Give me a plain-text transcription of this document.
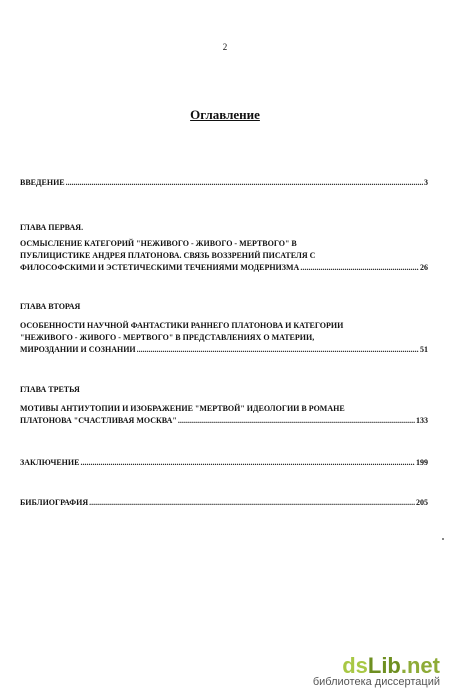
2
Оглавление
ВВЕДЕНИЕ .....	3
ГЛАВА ПЕРВАЯ.
ОСМЫСЛЕНИЕ КАТЕГОРИЙ "НЕЖИВОГО - ЖИВОГО - МЕРТВОГО" В
ПУБЛИЦИСТИКЕ АНДРЕЯ ПЛАТОНОВА. СВЯЗЬ ВОЗЗРЕНИЙ ПИСАТЕЛЯ С
ФИЛОСОФСКИМИ И ЭСТЕТИЧЕСКИМИ ТЕЧЕНИЯМИ МОДЕРНИЗМА .....	26
ГЛАВА ВТОРАЯ
ОСОБЕННОСТИ НАУЧНОЙ ФАНТАСТИКИ РАННЕГО ПЛАТОНОВА И КАТЕГОРИИ
"НЕЖИВОГО - ЖИВОГО - МЕРТВОГО" В ПРЕДСТАВЛЕНИЯХ О МАТЕРИИ,
МИРОЗДАНИИ И СОЗНАНИИ .....	51
ГЛАВА ТРЕТЬЯ
МОТИВЫ АНТИУТОПИИ И ИЗОБРАЖЕНИЕ "МЕРТВОЙ" ИДЕОЛОГИИ В РОМАНЕ
ПЛАТОНОВА "СЧАСТЛИВАЯ МОСКВА" .....	133
ЗАКЛЮЧЕНИЕ .....	199
БИБЛИОГРАФИЯ .....	205
dsLib.net
библиотека диссертаций
